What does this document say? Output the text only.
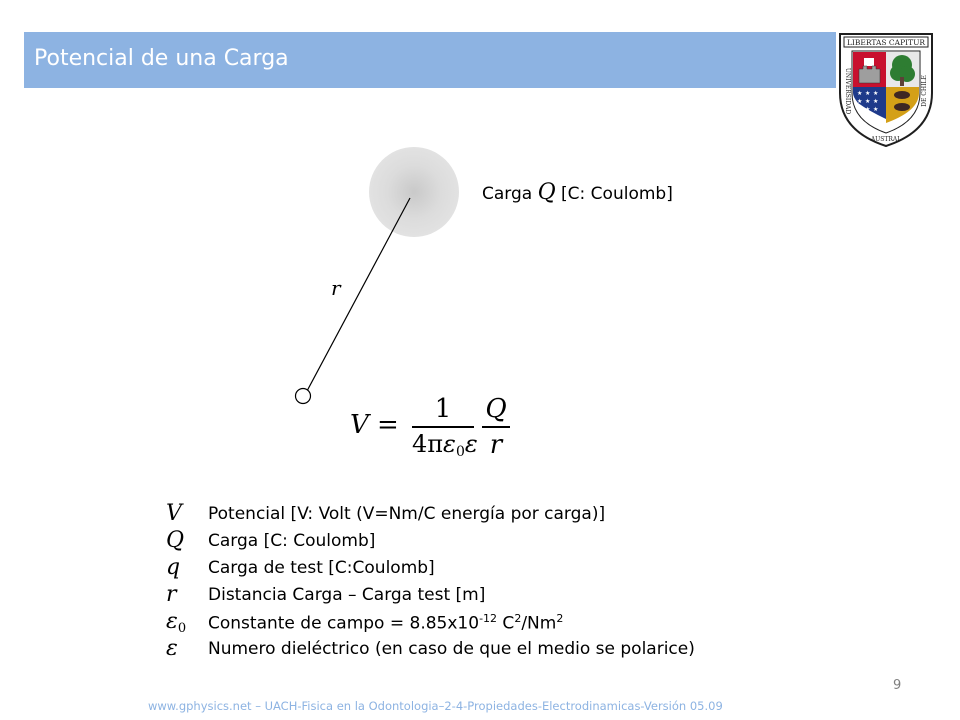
Potencial de una Carga
LIBERTAS CAPITUR
★ ★ ★
★ ★ ★
★ ★
UNIVERSIDAD
AUSTRAL
DE CHILE
Carga Q [C: Coulomb]
r
V =
1
$4\pi\varepsilon_0\varepsilon$
Q
r
V	Potencial [V: Volt (V=Nm/C energía por carga)]
Q	Carga [C: Coulomb]
q	Carga de test [C:Coulomb]
r	Distancia Carga – Carga test [m]
$\varepsilon_0$	Constante de campo = $8.85x10^{-12}$ $C^2/Nm^2$
ε	Numero dieléctrico (en caso de que el medio se polarice)
9
www.gphysics.net – UACH-Fisica en la Odontologia–2-4-Propiedades-Electrodinamicas-Versión 05.09
